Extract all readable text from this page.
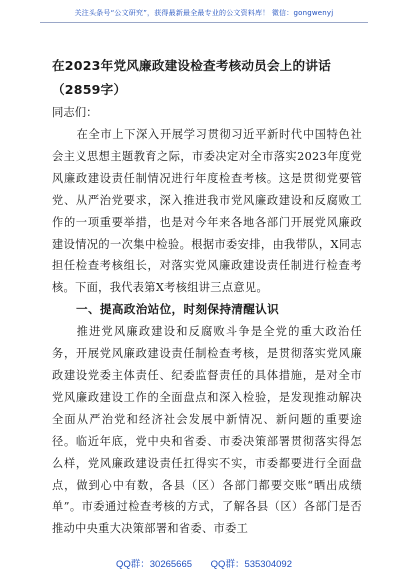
关注头条号“公文研究”，获得最新最全最专业的公文资料库！ 微信：gongwenyj
在2023年党风廉政建设检查考核动员会上的讲话（2859字）
同志们：

在全市上下深入开展学习贯彻习近平新时代中国特色社会主义思想主题教育之际，市委决定对全市落实2023年度党风廉政建设责任制情况进行年度检查考核。这是贯彻党要管党、从严治党要求，深入推进我市党风廉政建设和反腐败工作的一项重要举措，也是对今年来各地各部门开展党风廉政建设情况的一次集中检验。根据市委安排，由我带队，X同志担任检查考核组长，对落实党风廉政建设责任制进行检查考核。下面，我代表第X考核组讲三点意见。

一、提高政治站位，时刻保持清醒认识

推进党风廉政建设和反腐败斗争是全党的重大政治任务，开展党风廉政建设责任制检查考核，是贯彻落实党风廉政建设党委主体责任、纪委监督责任的具体措施，是对全市党风廉政建设工作的全面盘点和深入检验，是发现推动解决全面从严治党和经济社会发展中新情况、新问题的重要途径。临近年底，党中央和省委、市委决策部署贯彻落实得怎么样，党风廉政建设责任扛得实不实，市委都要进行全面盘点，做到心中有数，各县（区）各部门都要交账“晒出成绩单”。市委通过检查考核的方式，了解各县（区）各部门是否推动中央重大决策部署和省委、市委工

QQ群：30265665 QQ群：535304092
